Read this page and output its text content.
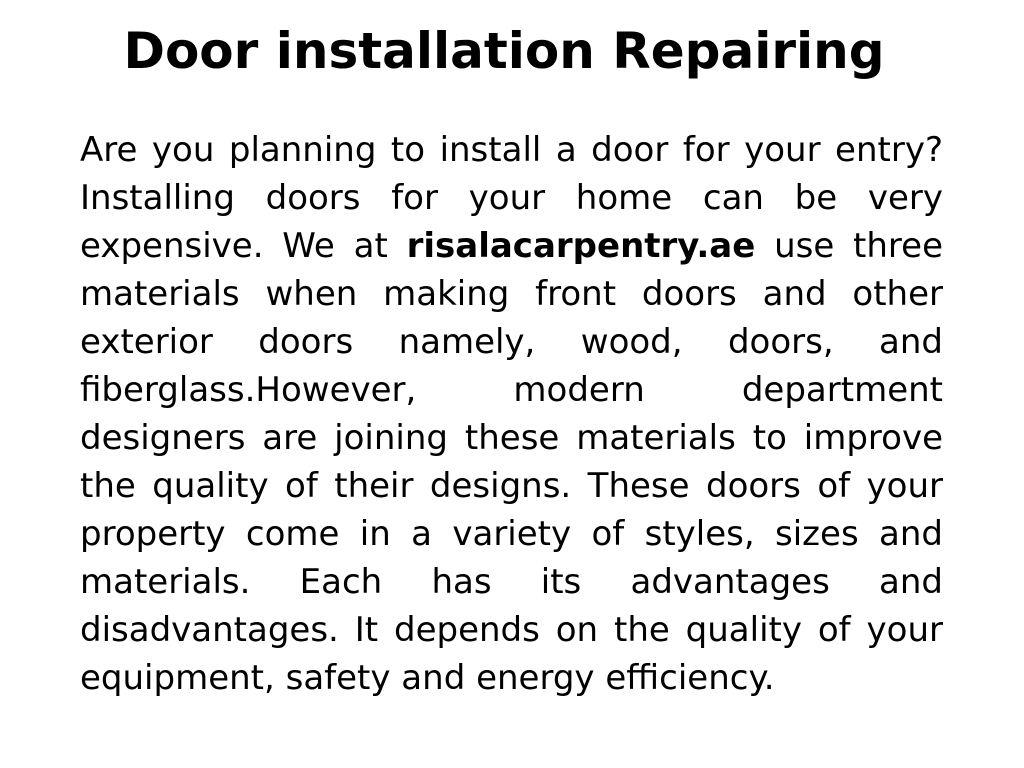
Door installation Repairing

Are you planning to install a door for your entry? Installing doors for your home can be very expensive. We at risalacarpentry.ae use three materials when making front doors and other exterior doors namely, wood, doors, and fiberglass.However, modern department designers are joining these materials to improve the quality of their designs. These doors of your property come in a variety of styles, sizes and materials. Each has its advantages and disadvantages. It depends on the quality of your equipment, safety and energy efficiency.
